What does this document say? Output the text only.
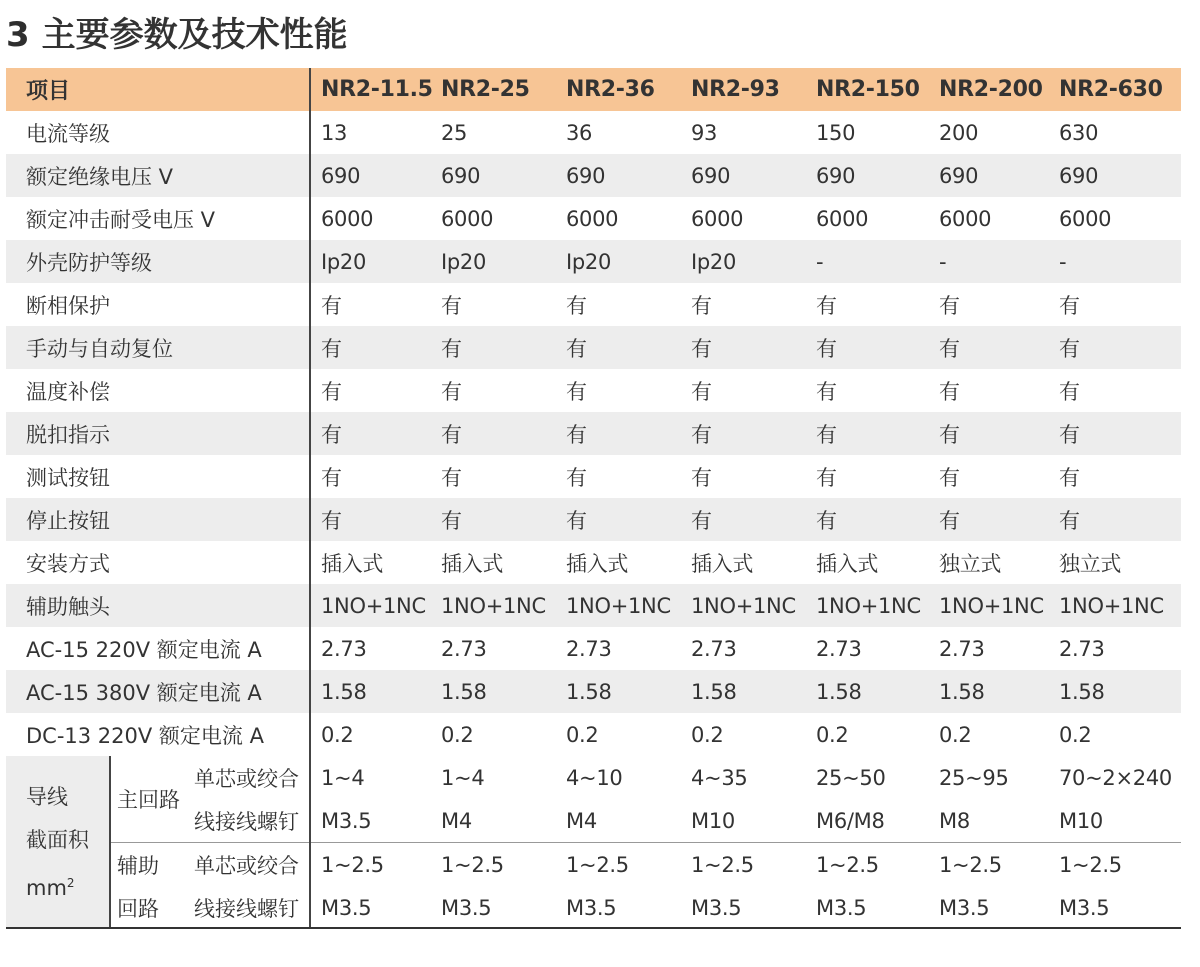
3 主要参数及技术性能
项目			NR2-11.5	NR2-25	NR2-36	NR2-93	NR2-150	NR2-200	NR2-630
电流等级			13	25	36	93	150	200	630
额定绝缘电压 V			690	690	690	690	690	690	690
额定冲击耐受电压 V			6000	6000	6000	6000	6000	6000	6000
外壳防护等级			Ip20	Ip20	Ip20	Ip20	-	-	-
断相保护			有	有	有	有	有	有	有
手动与自动复位			有	有	有	有	有	有	有
温度补偿			有	有	有	有	有	有	有
脱扣指示			有	有	有	有	有	有	有
测试按钮			有	有	有	有	有	有	有
停止按钮			有	有	有	有	有	有	有
安装方式			插入式	插入式	插入式	插入式	插入式	独立式	独立式
辅助触头			1NO+1NC	1NO+1NC	1NO+1NC	1NO+1NC	1NO+1NC	1NO+1NC	1NO+1NC
AC-15 220V 额定电流 A			2.73	2.73	2.73	2.73	2.73	2.73	2.73
AC-15 380V 额定电流 A			1.58	1.58	1.58	1.58	1.58	1.58	1.58
DC-13 220V 额定电流 A			0.2	0.2	0.2	0.2	0.2	0.2	0.2

导线
截面积
$mm^2$	主回路	单芯或绞合	1~4	1~4	4~10	4~35	25~50	25~95	70~2×240
		线接线螺钉	M3.5	M4	M4	M10	M6/M8	M8	M10
	辅助	单芯或绞合	1~2.5	1~2.5	1~2.5	1~2.5	1~2.5	1~2.5	1~2.5
	回路	线接线螺钉	M3.5	M3.5	M3.5	M3.5	M3.5	M3.5	M3.5
